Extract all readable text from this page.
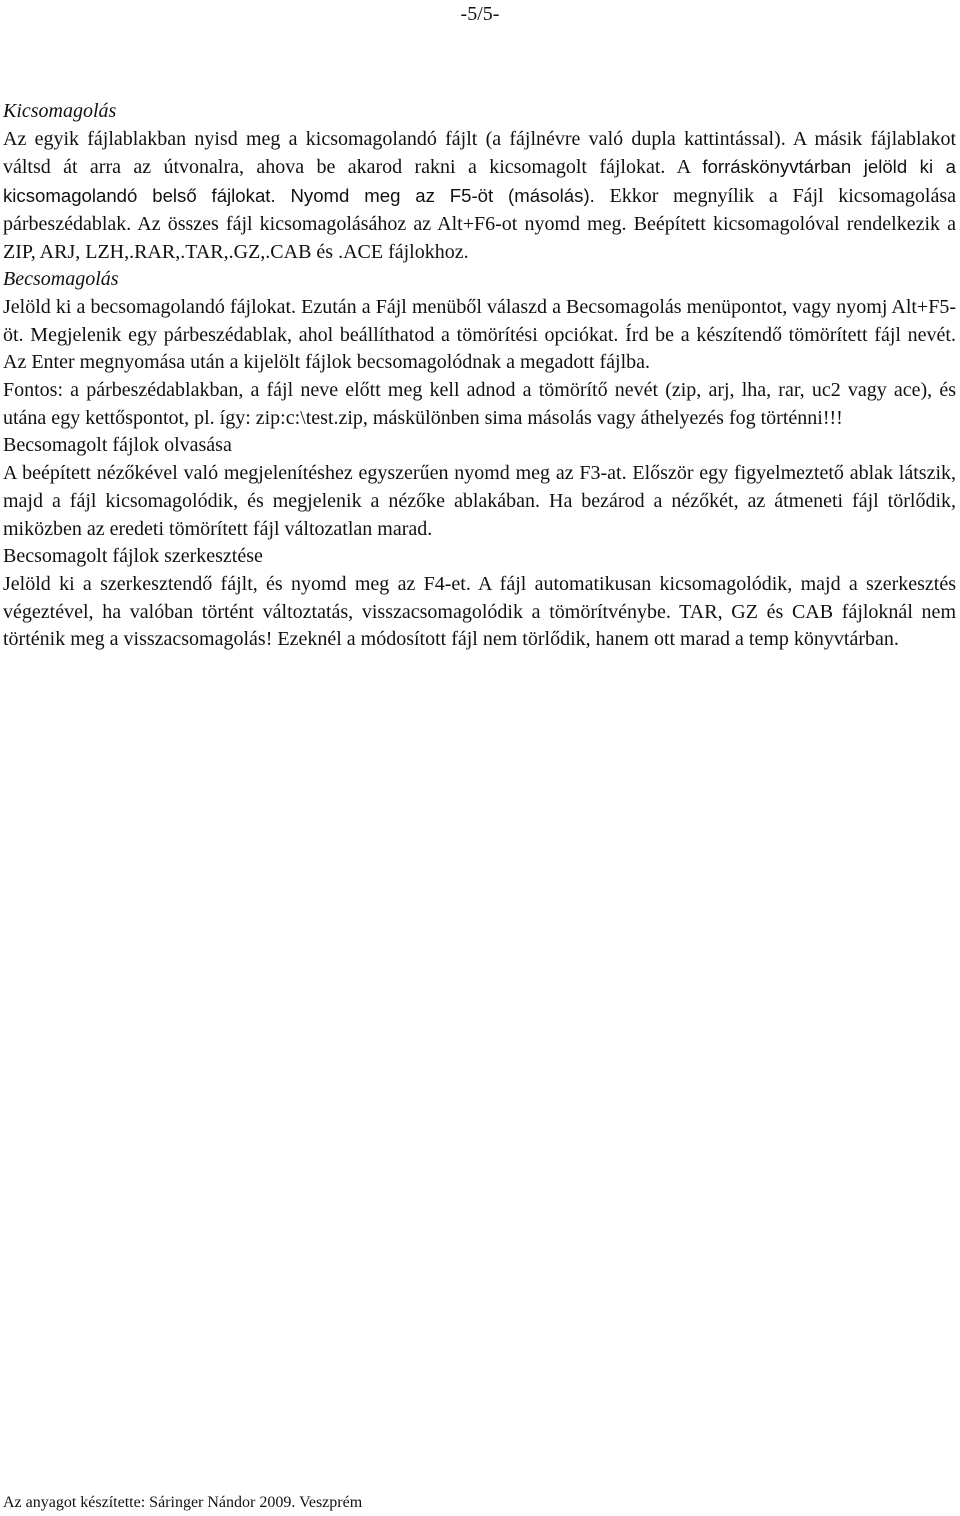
-5/5-
Kicsomagolás
Az egyik fájlablakban nyisd meg a kicsomagolandó fájlt (a fájlnévre való dupla kattintással). A másik fájlablakot váltsd át arra az útvonalra, ahova be akarod rakni a kicsomagolt fájlokat. A forráskönyvtárban jelöld ki a kicsomagolandó belső fájlokat. Nyomd meg az F5-öt (másolás). Ekkor megnyílik a Fájl kicsomagolása párbeszédablak. Az összes fájl kicsomagolásához az Alt+F6-ot nyomd meg. Beépített kicsomagolóval rendelkezik a ZIP, ARJ, LZH,.RAR,.TAR,.GZ,.CAB és .ACE fájlokhoz.
Becsomagolás
Jelöld ki a becsomagolandó fájlokat. Ezután a Fájl menüből válaszd a Becsomagolás menüpontot, vagy nyomj Alt+F5-öt. Megjelenik egy párbeszédablak, ahol beállíthatod a tömörítési opciókat. Írd be a készítendő tömörített fájl nevét. Az Enter megnyomása után a kijelölt fájlok becsomagolódnak a megadott fájlba.
Fontos: a párbeszédablakban, a fájl neve előtt meg kell adnod a tömörítő nevét (zip, arj, lha, rar, uc2 vagy ace), és utána egy kettőspontot, pl. így: zip:c:\test.zip, máskülönben sima másolás vagy áthelyezés fog történni!!!
Becsomagolt fájlok olvasása
A beépített nézőkével való megjelenítéshez egyszerűen nyomd meg az F3-at. Először egy figyelmeztető ablak látszik, majd a fájl kicsomagolódik, és megjelenik a nézőke ablakában. Ha bezárod a nézőkét, az átmeneti fájl törlődik, miközben az eredeti tömörített fájl változatlan marad.
Becsomagolt fájlok szerkesztése
Jelöld ki a szerkesztendő fájlt, és nyomd meg az F4-et. A fájl automatikusan kicsomagolódik, majd a szerkesztés végeztével, ha valóban történt változtatás, visszacsomagolódik a tömörítvénybe. TAR, GZ és CAB fájloknál nem történik meg a visszacsomagolás! Ezeknél a módosított fájl nem törlődik, hanem ott marad a temp könyvtárban.
Az anyagot készítette: Sáringer Nándor 2009. Veszprém
